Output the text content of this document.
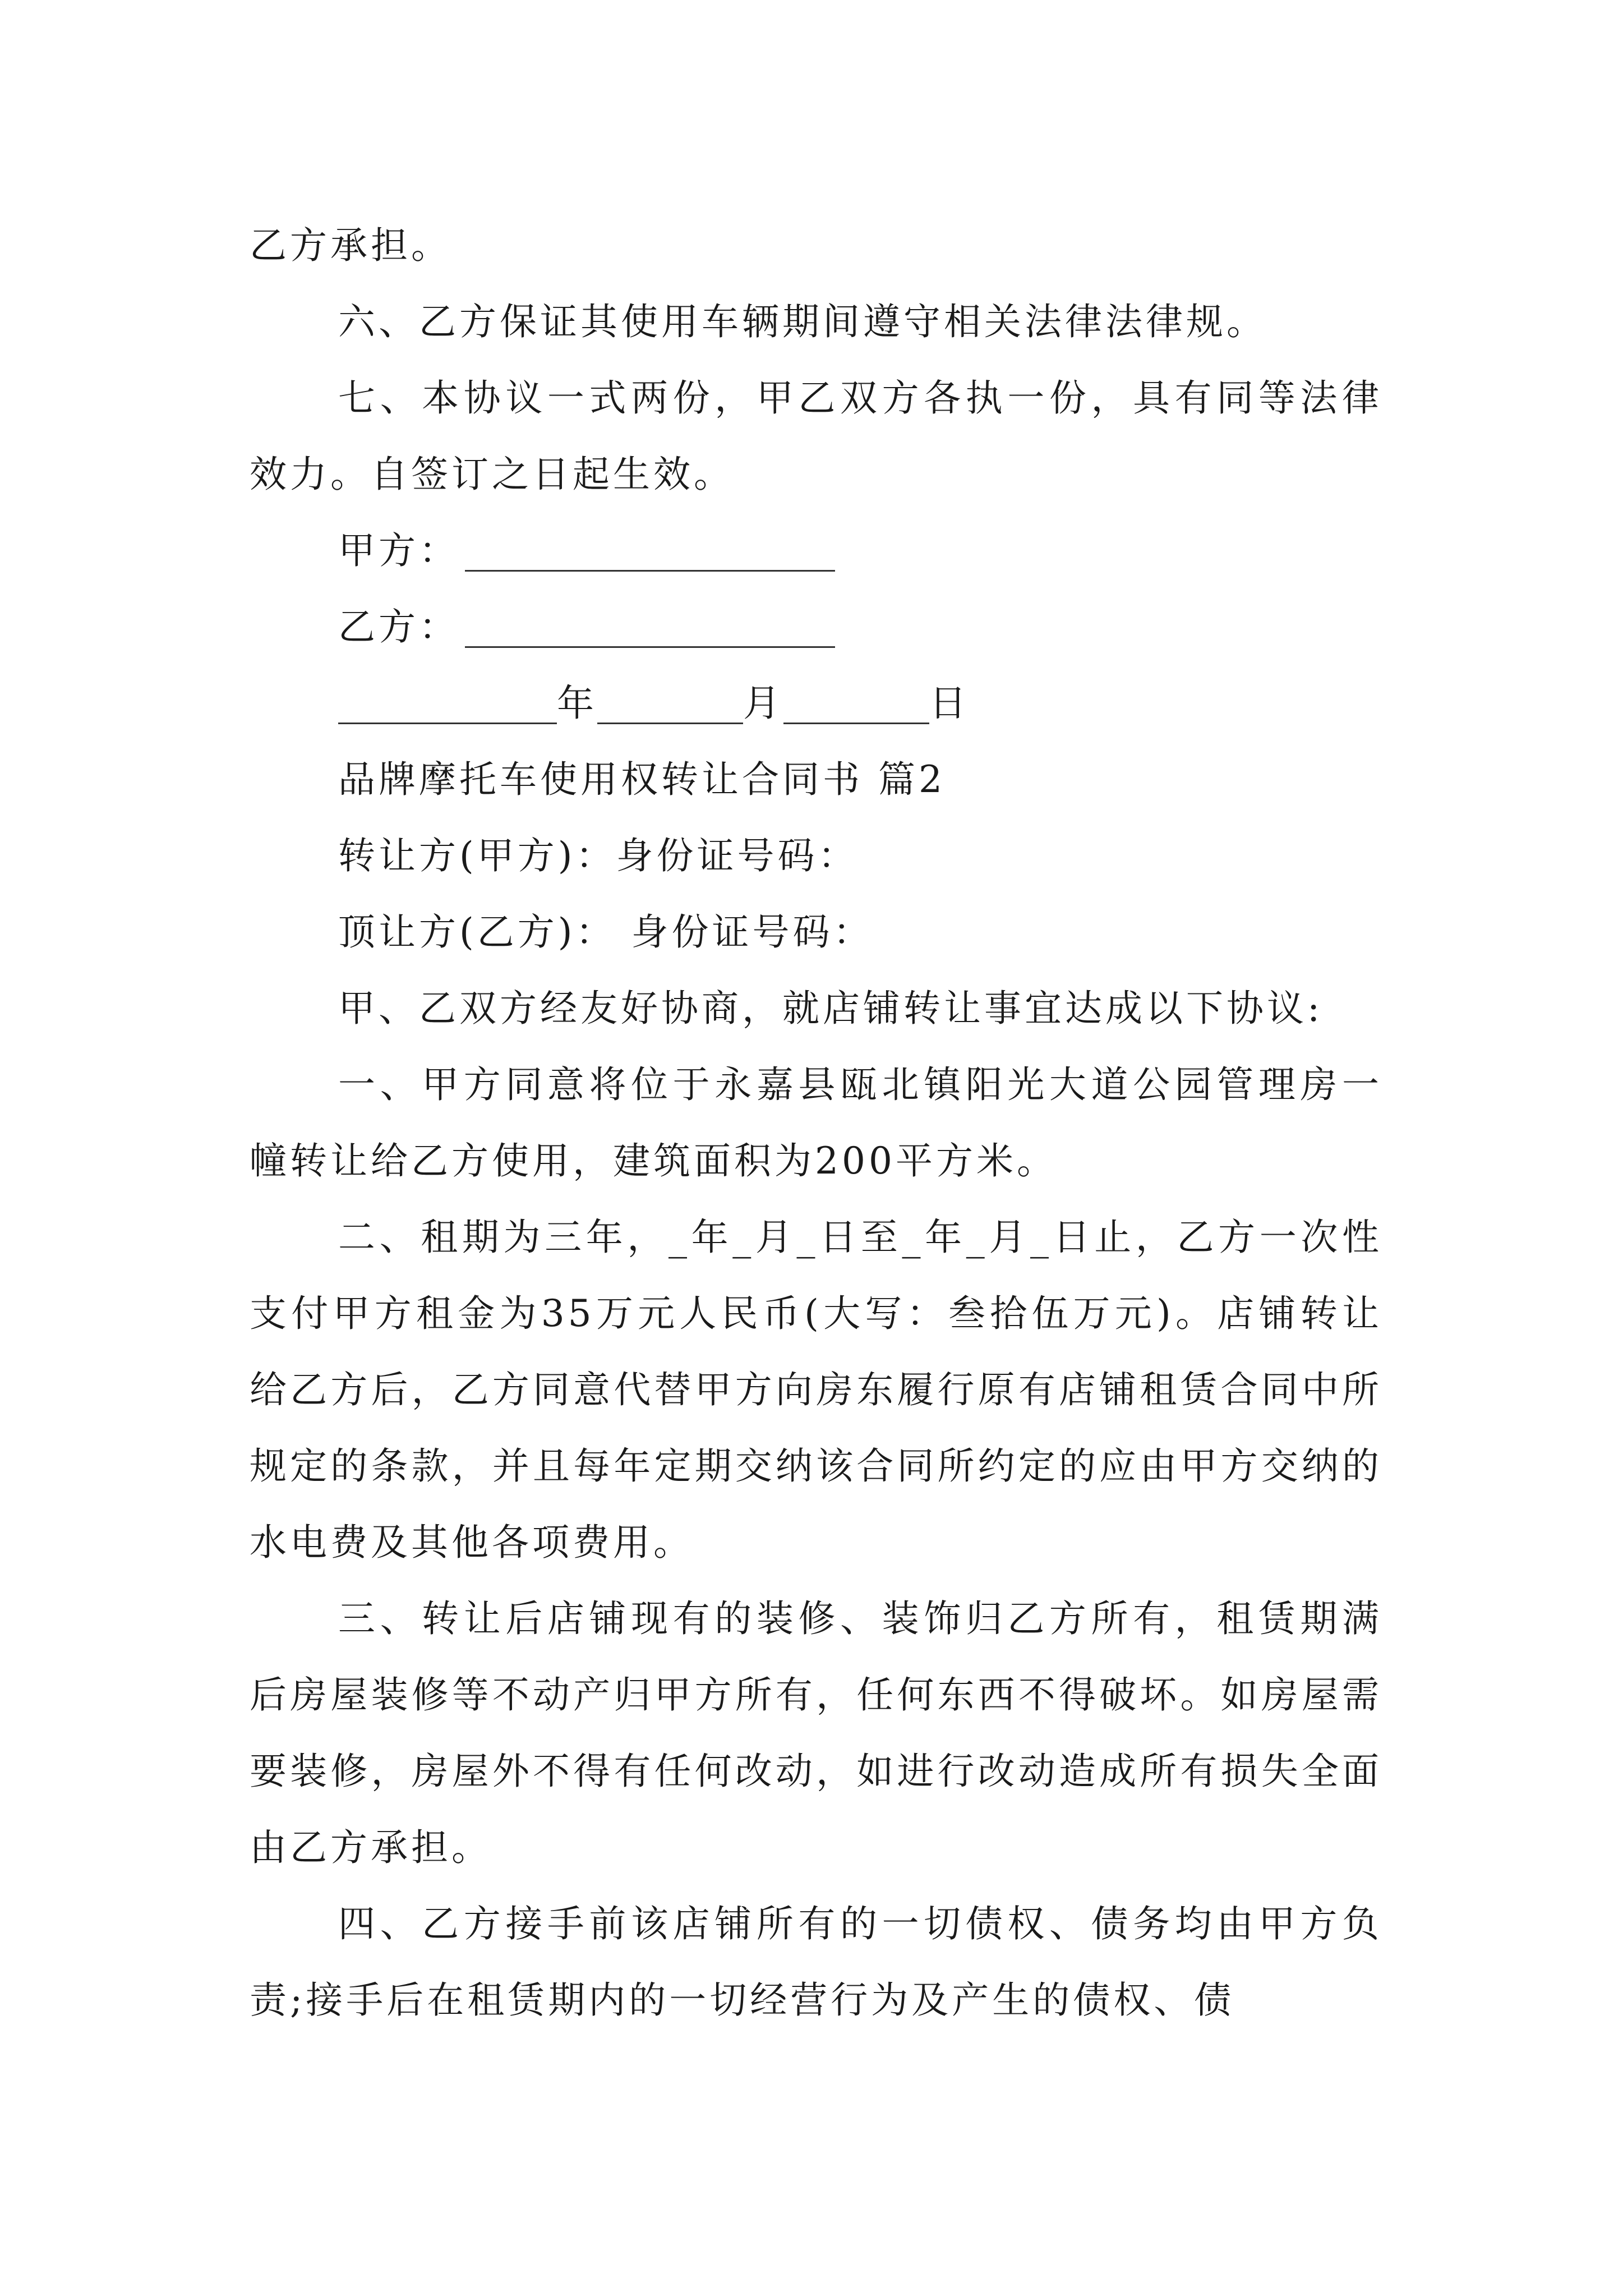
乙方承担。

六、乙方保证其使用车辆期间遵守相关法律法律规。

七、本协议一式两份，甲乙双方各执一份，具有同等法律效力。自签订之日起生效。

甲方：

乙方：

年	月	日

品牌摩托车使用权转让合同书 篇2

转让方(甲方)：身份证号码：

顶让方(乙方)： 身份证号码：

甲、乙双方经友好协商，就店铺转让事宜达成以下协议:

一、甲方同意将位于永嘉县瓯北镇阳光大道公园管理房一幢转让给乙方使用，建筑面积为200平方米。

二、租期为三年，_年_月_日至_年_月_日止，乙方一次性支付甲方租金为35万元人民币(大写：叁拾伍万元)。店铺转让给乙方后，乙方同意代替甲方向房东履行原有店铺租赁合同中所规定的条款，并且每年定期交纳该合同所约定的应由甲方交纳的水电费及其他各项费用。

三、转让后店铺现有的装修、装饰归乙方所有，租赁期满后房屋装修等不动产归甲方所有，任何东西不得破坏。如房屋需要装修，房屋外不得有任何改动，如进行改动造成所有损失全面由乙方承担。

四、乙方接手前该店铺所有的一切债权、债务均由甲方负责;接手后在租赁期内的一切经营行为及产生的债权、债
